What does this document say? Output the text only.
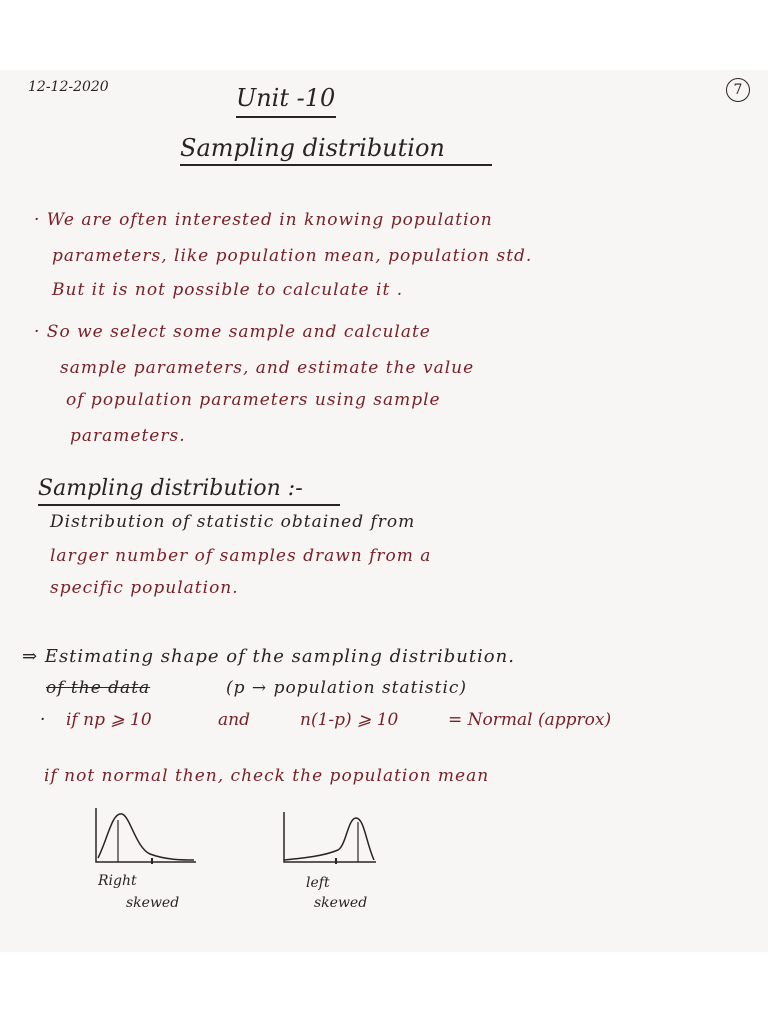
12-12-2020	7
Unit -10
Sampling distribution
· We are often interested in knowing population
parameters, like population mean, population std.
But it is not possible to calculate it .
· So we select some sample and calculate
sample parameters, and estimate the value
of population parameters using sample
parameters.
Sampling distribution :-
Distribution of statistic obtained from
larger number of samples drawn from a
specific population.
⇒ Estimating shape of the sampling distribution.
of the data	(p → population statistic)
· if np ⩾ 10	and	n(1-p) ⩾ 10	= Normal (approx)
if not normal then, check the population mean
Right
skewed
left
skewed
